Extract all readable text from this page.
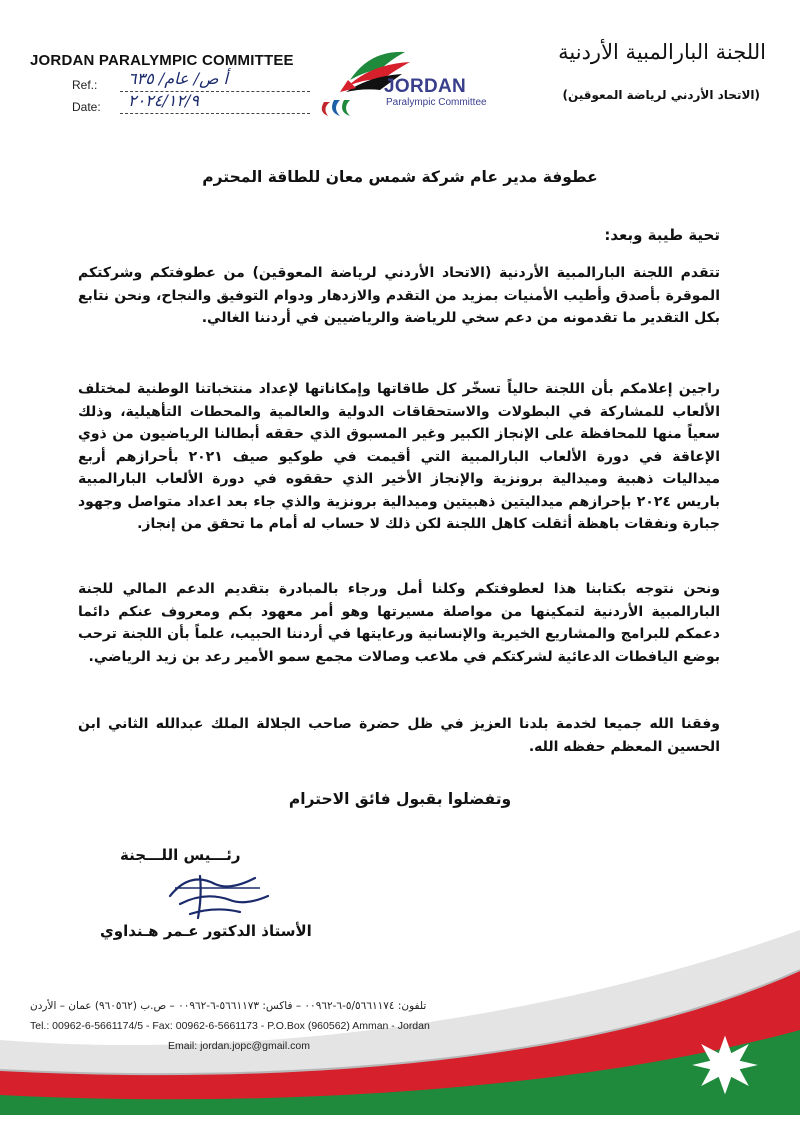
JORDAN PARALYMPIC COMMITTEE
Ref.: أ ص/ عام/ ٦٣٥
Date: ٢٠٢٤/١٢/٩
JORDAN
Paralympic Committee
اللجنة البارالمبية الأردنية
(الاتحاد الأردني لرياضة المعوقين)
عطوفة مدير عام شركة شمس معان للطاقة المحترم
تحية طيبة وبعد:
تتقدم اللجنة البارالمبية الأردنية (الاتحاد الأردني لرياضة المعوقين) من عطوفتكم وشركتكم الموقرة بأصدق وأطيب الأمنيات بمزيد من التقدم والازدهار ودوام التوفيق والنجاح، ونحن نتابع بكل التقدير ما تقدمونه من دعم سخي للرياضة والرياضيين في أردننا الغالي.
راجين إعلامكم بأن اللجنة حالياً تسخّر كل طاقاتها وإمكاناتها لإعداد منتخباتنا الوطنية لمختلف الألعاب للمشاركة في البطولات والاستحقاقات الدولية والعالمية والمحطات التأهيلية، وذلك سعياً منها للمحافظة على الإنجاز الكبير وغير المسبوق الذي حققه أبطالنا الرياضيون من ذوي الإعاقة في دورة الألعاب البارالمبية التي أقيمت في طوكيو صيف ٢٠٢١ بأحرازهم أربع ميداليات ذهبية وميدالية برونزية والإنجاز الأخير الذي حققوه في دورة الألعاب البارالمبية باريس ٢٠٢٤ بإحرازهم ميداليتين ذهبيتين وميدالية برونزية والذي جاء بعد اعداد متواصل وجهود جبارة ونفقات باهظة أثقلت كاهل اللجنة لكن ذلك لا حساب له أمام ما تحقق من إنجاز.
ونحن نتوجه بكتابنا هذا لعطوفتكم وكلنا أمل ورجاء بالمبادرة بتقديم الدعم المالي للجنة البارالمبية الأردنية لتمكينها من مواصلة مسيرتها وهو أمر معهود بكم ومعروف عنكم دائما دعمكم للبرامج والمشاريع الخيرية والإنسانية ورعايتها في أردننا الحبيب، علماً بأن اللجنة ترحب بوضع اليافطات الدعائية لشركتكم في ملاعب وصالات مجمع سمو الأمير رعد بن زيد الرياضي.
وفقنا الله جميعا لخدمة بلدنا العزيز في ظل حضرة صاحب الجلالة الملك عبدالله الثاني ابن الحسين المعظم حفظه الله.
وتفضلوا بقبول فائق الاحترام
رئـــيس اللـــجنة
الأستاذ الدكتور عـمر هـنداوي
تلفون: ٥/٥٦٦١١٧٤-٦-٠٠٩٦٢ – فاكس: ٥٦٦١١٧٣-٦-٠٠٩٦٢ – ص.ب (٩٦٠٥٦٢) عمان – الأردن
Tel.: 00962-6-5661174/5 - Fax: 00962-6-5661173 - P.O.Box (960562) Amman - Jordan
Email: jordan.jopc@gmail.com
